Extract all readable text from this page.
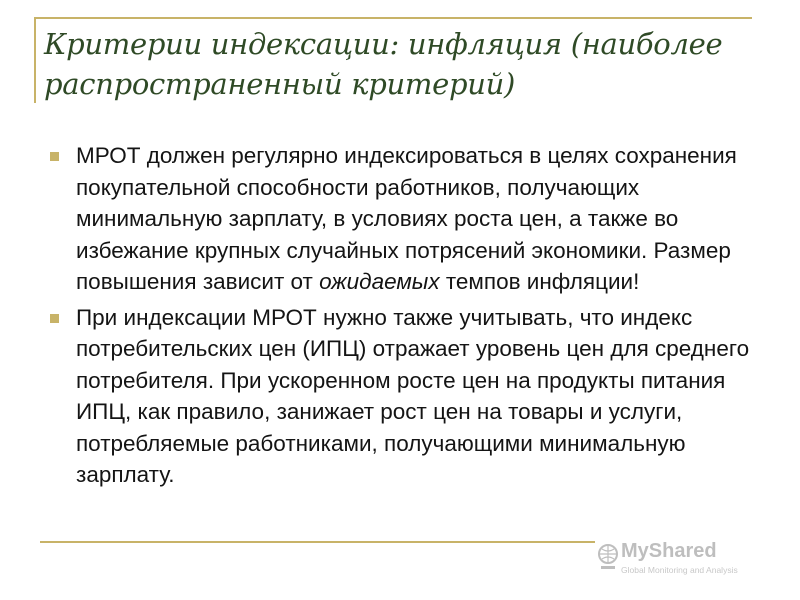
Критерии индексации: инфляция (наиболее распространенный критерий)
МРОТ должен регулярно индексироваться в целях сохранения покупательной способности работников, получающих минимальную зарплату, в условиях роста цен, а также во избежание крупных случайных потрясений экономики. Размер повышения зависит от ожидаемых темпов инфляции!
При индексации МРОТ нужно также учитывать, что индекс потребительских цен (ИПЦ) отражает уровень цен для среднего потребителя. При ускоренном росте цен на продукты питания ИПЦ, как правило, занижает рост цен на товары и услуги, потребляемые работниками, получающими минимальную зарплату.
MyShared
Global Monitoring and Analysis
